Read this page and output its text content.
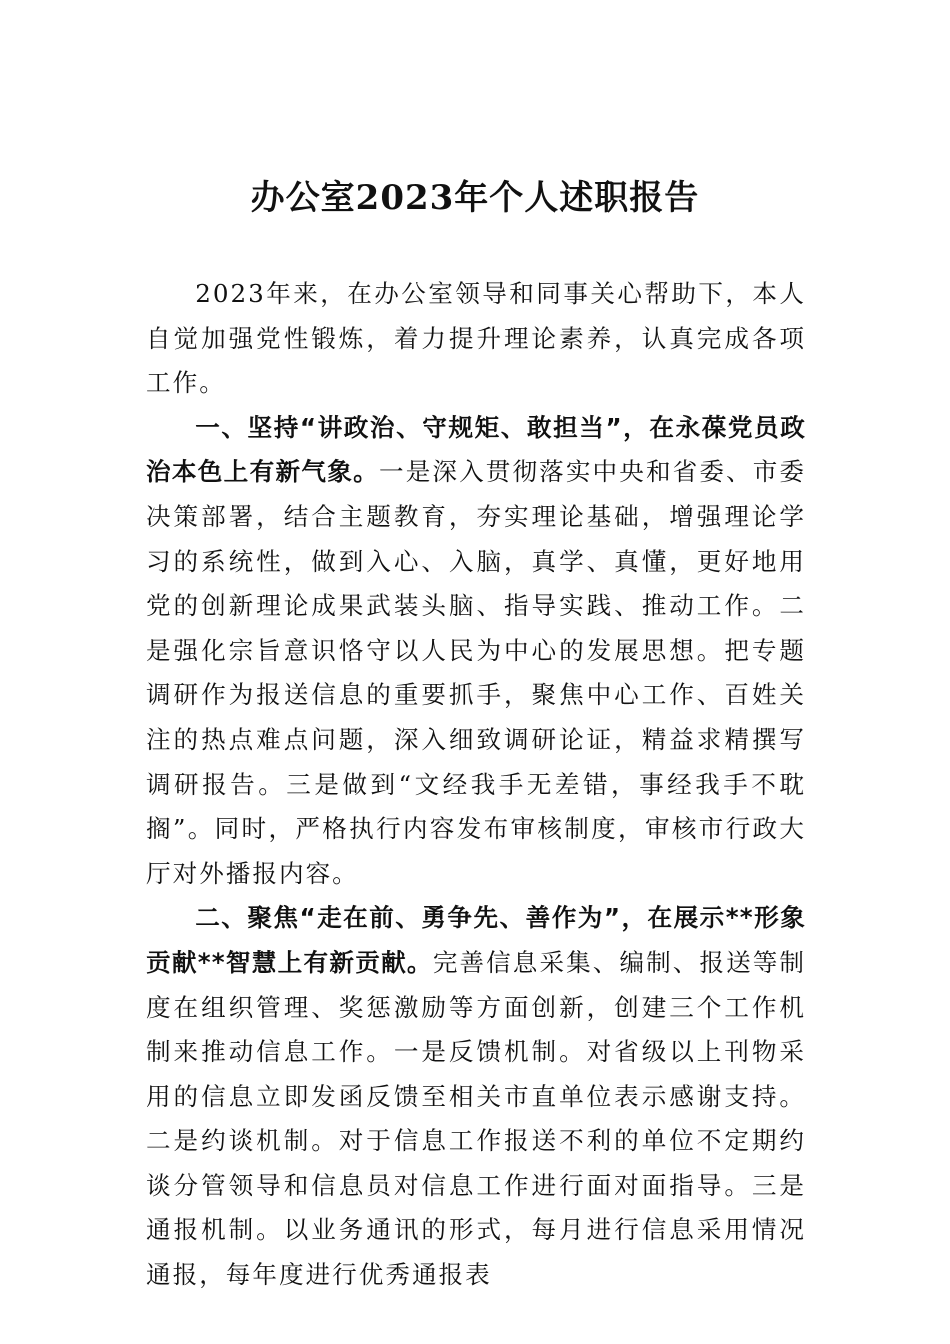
办公室2023年个人述职报告

2023年来，在办公室领导和同事关心帮助下，本人自觉加强党性锻炼，着力提升理论素养，认真完成各项工作。

一、坚持“讲政治、守规矩、敢担当”，在永葆党员政治本色上有新气象。一是深入贯彻落实中央和省委、市委决策部署，结合主题教育，夯实理论基础，增强理论学习的系统性，做到入心、入脑，真学、真懂，更好地用党的创新理论成果武装头脑、指导实践、推动工作。二是强化宗旨意识恪守以人民为中心的发展思想。把专题调研作为报送信息的重要抓手，聚焦中心工作、百姓关注的热点难点问题，深入细致调研论证，精益求精撰写调研报告。三是做到“文经我手无差错，事经我手不耽搁”。同时，严格执行内容发布审核制度，审核市行政大厅对外播报内容。

二、聚焦“走在前、勇争先、善作为”，在展示**形象贡献**智慧上有新贡献。完善信息采集、编制、报送等制度在组织管理、奖惩激励等方面创新，创建三个工作机制来推动信息工作。一是反馈机制。对省级以上刊物采用的信息立即发函反馈至相关市直单位表示感谢支持。二是约谈机制。对于信息工作报送不利的单位不定期约谈分管领导和信息员对信息工作进行面对面指导。三是通报机制。以业务通讯的形式，每月进行信息采用情况通报，每年度进行优秀通报表
